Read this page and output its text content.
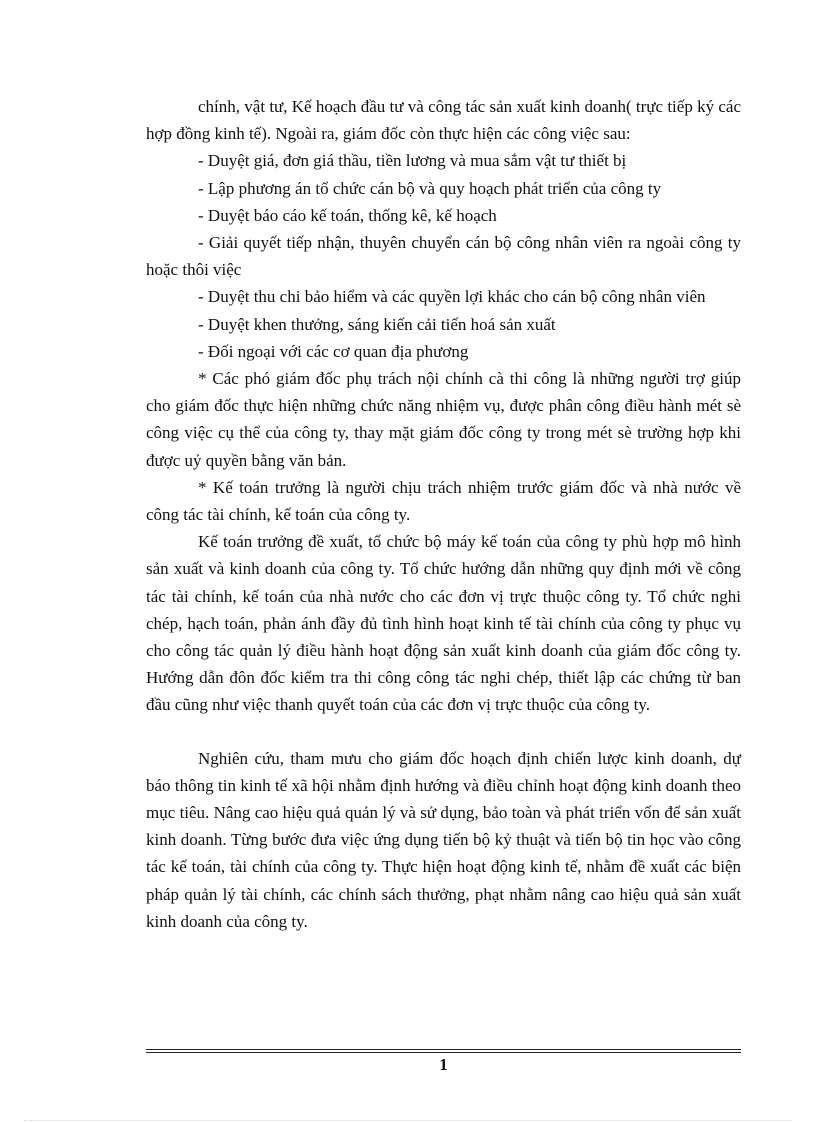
chính, vật tư, Kế hoạch đầu tư và công tác sản xuất kinh doanh( trực tiếp ký các hợp đồng kinh tế). Ngoài ra, giám đốc còn thực hiện các công việc sau:

- Duyệt giá, đơn giá thầu, tiền lương và mua sắm vật tư thiết bị

- Lập phương án tổ chức cán bộ và quy hoạch phát triển của công ty

- Duyệt báo cáo kế toán, thống kê, kế hoạch

- Giải quyết tiếp nhận, thuyên chuyển cán bộ công nhân viên ra ngoài công ty hoặc thôi việc

- Duyệt thu chi bảo hiểm và các quyền lợi khác cho cán bộ công nhân viên

- Duyệt khen thưởng, sáng kiến cải tiến hoá sản xuất

- Đối ngoại với các cơ quan địa phương

* Các phó giám đốc phụ trách nội chính cà thi công là những người trợ giúp cho giám đốc thực hiện những chức năng nhiệm vụ, được phân công điều hành mét sè công việc cụ thể của công ty, thay mặt giám đốc công ty trong mét sè trường hợp khi được uỷ quyền bằng văn bản.

* Kế toán trưởng là người chịu trách nhiệm trước giám đốc và nhà nước về công tác tài chính, kế toán của công ty.

Kế toán trưởng đề xuất, tổ chức bộ máy kế toán của công ty phù hợp mô hình sản xuất và kinh doanh của công ty. Tổ chức hướng dẫn những quy định mới về công tác tài chính, kế toán của nhà nước cho các đơn vị trực thuộc công ty. Tổ chức nghi chép, hạch toán, phản ánh đầy đủ tình hình hoạt kinh tế tài chính của công ty phục vụ cho công tác quản lý điều hành hoạt động sản xuất kinh doanh của giám đốc công ty. Hướng dẫn đôn đốc kiểm tra thi công công tác nghi chép, thiết lập các chứng từ ban đầu cũng như việc thanh quyết toán của các đơn vị trực thuộc của công ty.

Nghiên cứu, tham mưu cho giám đốc hoạch định chiến lược kinh doanh, dự báo thông tin kinh tế xã hội nhằm định hướng và điều chỉnh hoạt động kinh doanh theo mục tiêu. Nâng cao hiệu quả quản lý và sử dụng, bảo toàn và phát triển vốn để sản xuất kinh doanh. Từng bước đưa việc ứng dụng tiến bộ kỷ thuật và tiến bộ tin học vào công tác kế toán, tài chính của công ty. Thực hiện hoạt động kinh tế, nhằm đề xuất các biện pháp quản lý tài chính, các chính sách thưởng, phạt nhằm nâng cao hiệu quả sản xuất kinh doanh của công ty.

1
